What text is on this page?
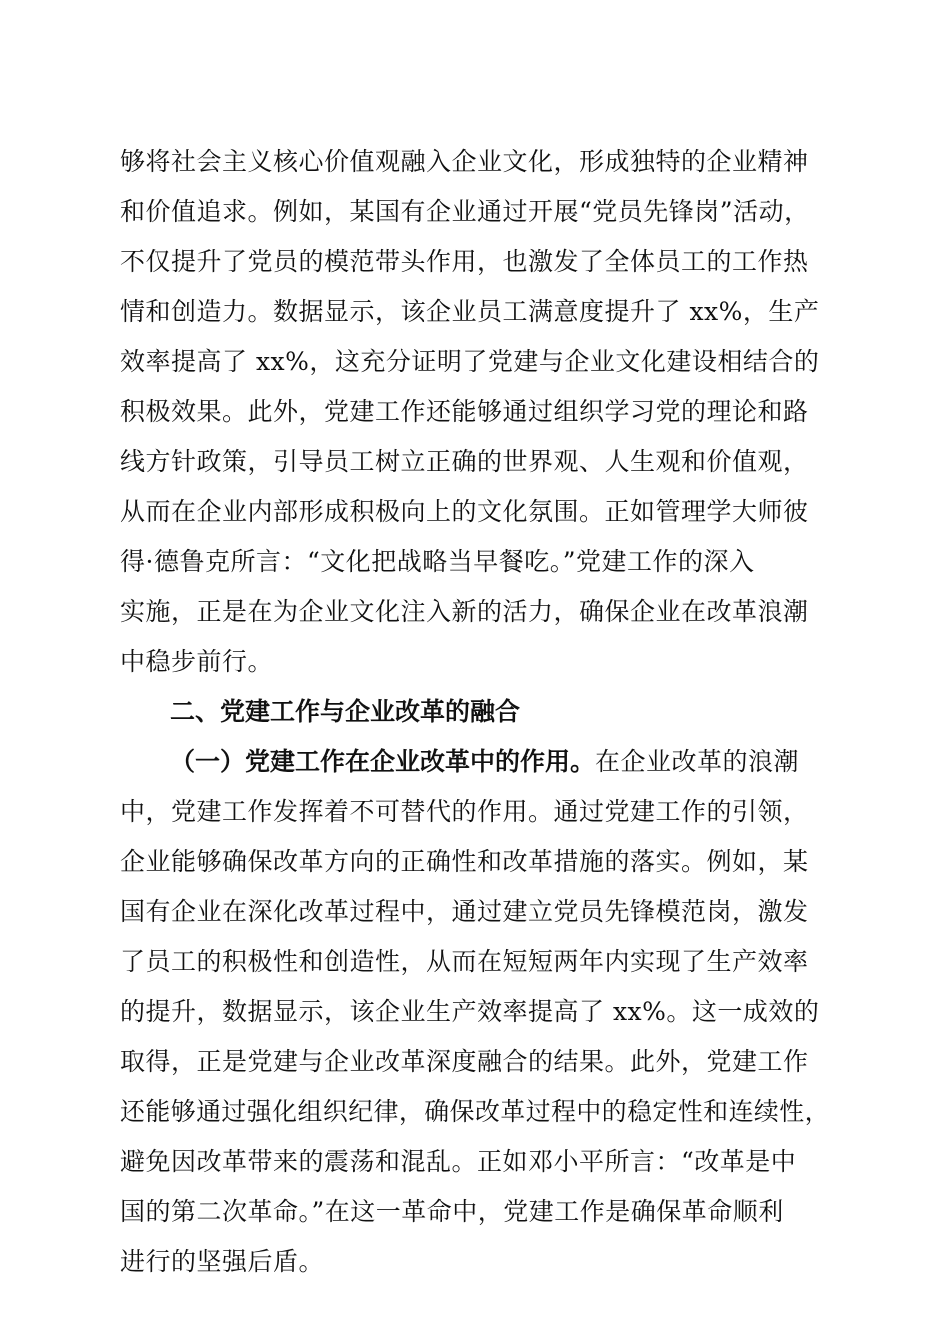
够将社会主义核心价值观融入企业文化，形成独特的企业精神
和价值追求。例如，某国有企业通过开展“党员先锋岗”活动，
不仅提升了党员的模范带头作用，也激发了全体员工的工作热
情和创造力。数据显示，该企业员工满意度提升了 xx%，生产
效率提高了 xx%，这充分证明了党建与企业文化建设相结合的
积极效果。此外，党建工作还能够通过组织学习党的理论和路
线方针政策，引导员工树立正确的世界观、人生观和价值观，
从而在企业内部形成积极向上的文化氛围。正如管理学大师彼
得·德鲁克所言：“文化把战略当早餐吃。”党建工作的深入
实施，正是在为企业文化注入新的活力，确保企业在改革浪潮
中稳步前行。
二、党建工作与企业改革的融合
（一）党建工作在企业改革中的作用。在企业改革的浪潮
中，党建工作发挥着不可替代的作用。通过党建工作的引领，
企业能够确保改革方向的正确性和改革措施的落实。例如，某
国有企业在深化改革过程中，通过建立党员先锋模范岗，激发
了员工的积极性和创造性，从而在短短两年内实现了生产效率
的提升，数据显示，该企业生产效率提高了 xx%。这一成效的
取得，正是党建与企业改革深度融合的结果。此外，党建工作
还能够通过强化组织纪律，确保改革过程中的稳定性和连续性，
避免因改革带来的震荡和混乱。正如邓小平所言：“改革是中
国的第二次革命。”在这一革命中，党建工作是确保革命顺利
进行的坚强后盾。
